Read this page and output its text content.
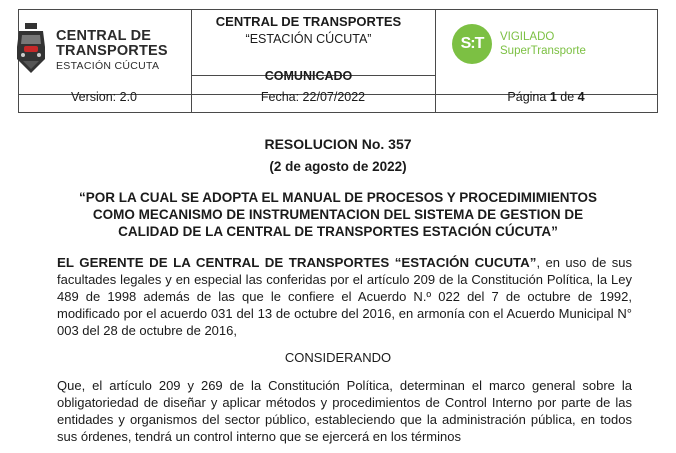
CENTRAL DE
TRANSPORTES
ESTACIÓN CÚCUTA
CENTRAL DE TRANSPORTES
“ESTACIÓN CÚCUTA”
COMUNICADO
S:T	VIGILADO
SuperTransporte
Version: 2.0	Fecha: 22/07/2022	Página 1 de 4
RESOLUCION No. 357
(2 de agosto de 2022)
“POR LA CUAL SE ADOPTA EL MANUAL DE PROCESOS Y PROCEDIMIMIENTOS
COMO MECANISMO DE INSTRUMENTACION DEL SISTEMA DE GESTION DE
CALIDAD DE LA CENTRAL DE TRANSPORTES ESTACIÓN CÚCUTA”
EL GERENTE DE LA CENTRAL DE TRANSPORTES “ESTACIÓN CUCUTA”, en uso de sus facultades legales y en especial las conferidas por el artículo 209 de la Constitución Política, la Ley 489 de 1998 además de las que le confiere el Acuerdo N.º 022 del 7 de octubre de 1992, modificado por el acuerdo 031 del 13 de octubre del 2016, en armonía con el Acuerdo Municipal N° 003 del 28 de octubre de 2016,
CONSIDERANDO
Que, el artículo 209 y 269 de la Constitución Política, determinan el marco general sobre la obligatoriedad de diseñar y aplicar métodos y procedimientos de Control Interno por parte de las entidades y organismos del sector público, estableciendo que la administración pública, en todos sus órdenes, tendrá un control interno que se ejercerá en los términos
